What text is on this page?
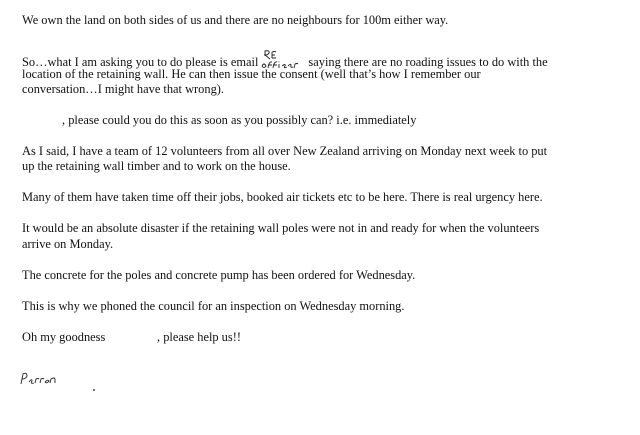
We own the land on both sides of us and there are no neighbours for 100m either way.

So…what I am asking you to do please is email	saying there are no roading issues to do with the

location of the retaining wall. He can then issue the consent (well that’s how I remember our

conversation…I might have that wrong).

, please could you do this as soon as you possibly can? i.e. immediately

As I said, I have a team of 12 volunteers from all over New Zealand arriving on Monday next week to put

up the retaining wall timber and to work on the house.

Many of them have taken time off their jobs, booked air tickets etc to be here. There is real urgency here.

It would be an absolute disaster if the retaining wall poles were not in and ready for when the volunteers

arrive on Monday.

The concrete for the poles and concrete pump has been ordered for Wednesday.

This is why we phoned the council for an inspection on Wednesday morning.

Oh my goodness	, please help us!!
